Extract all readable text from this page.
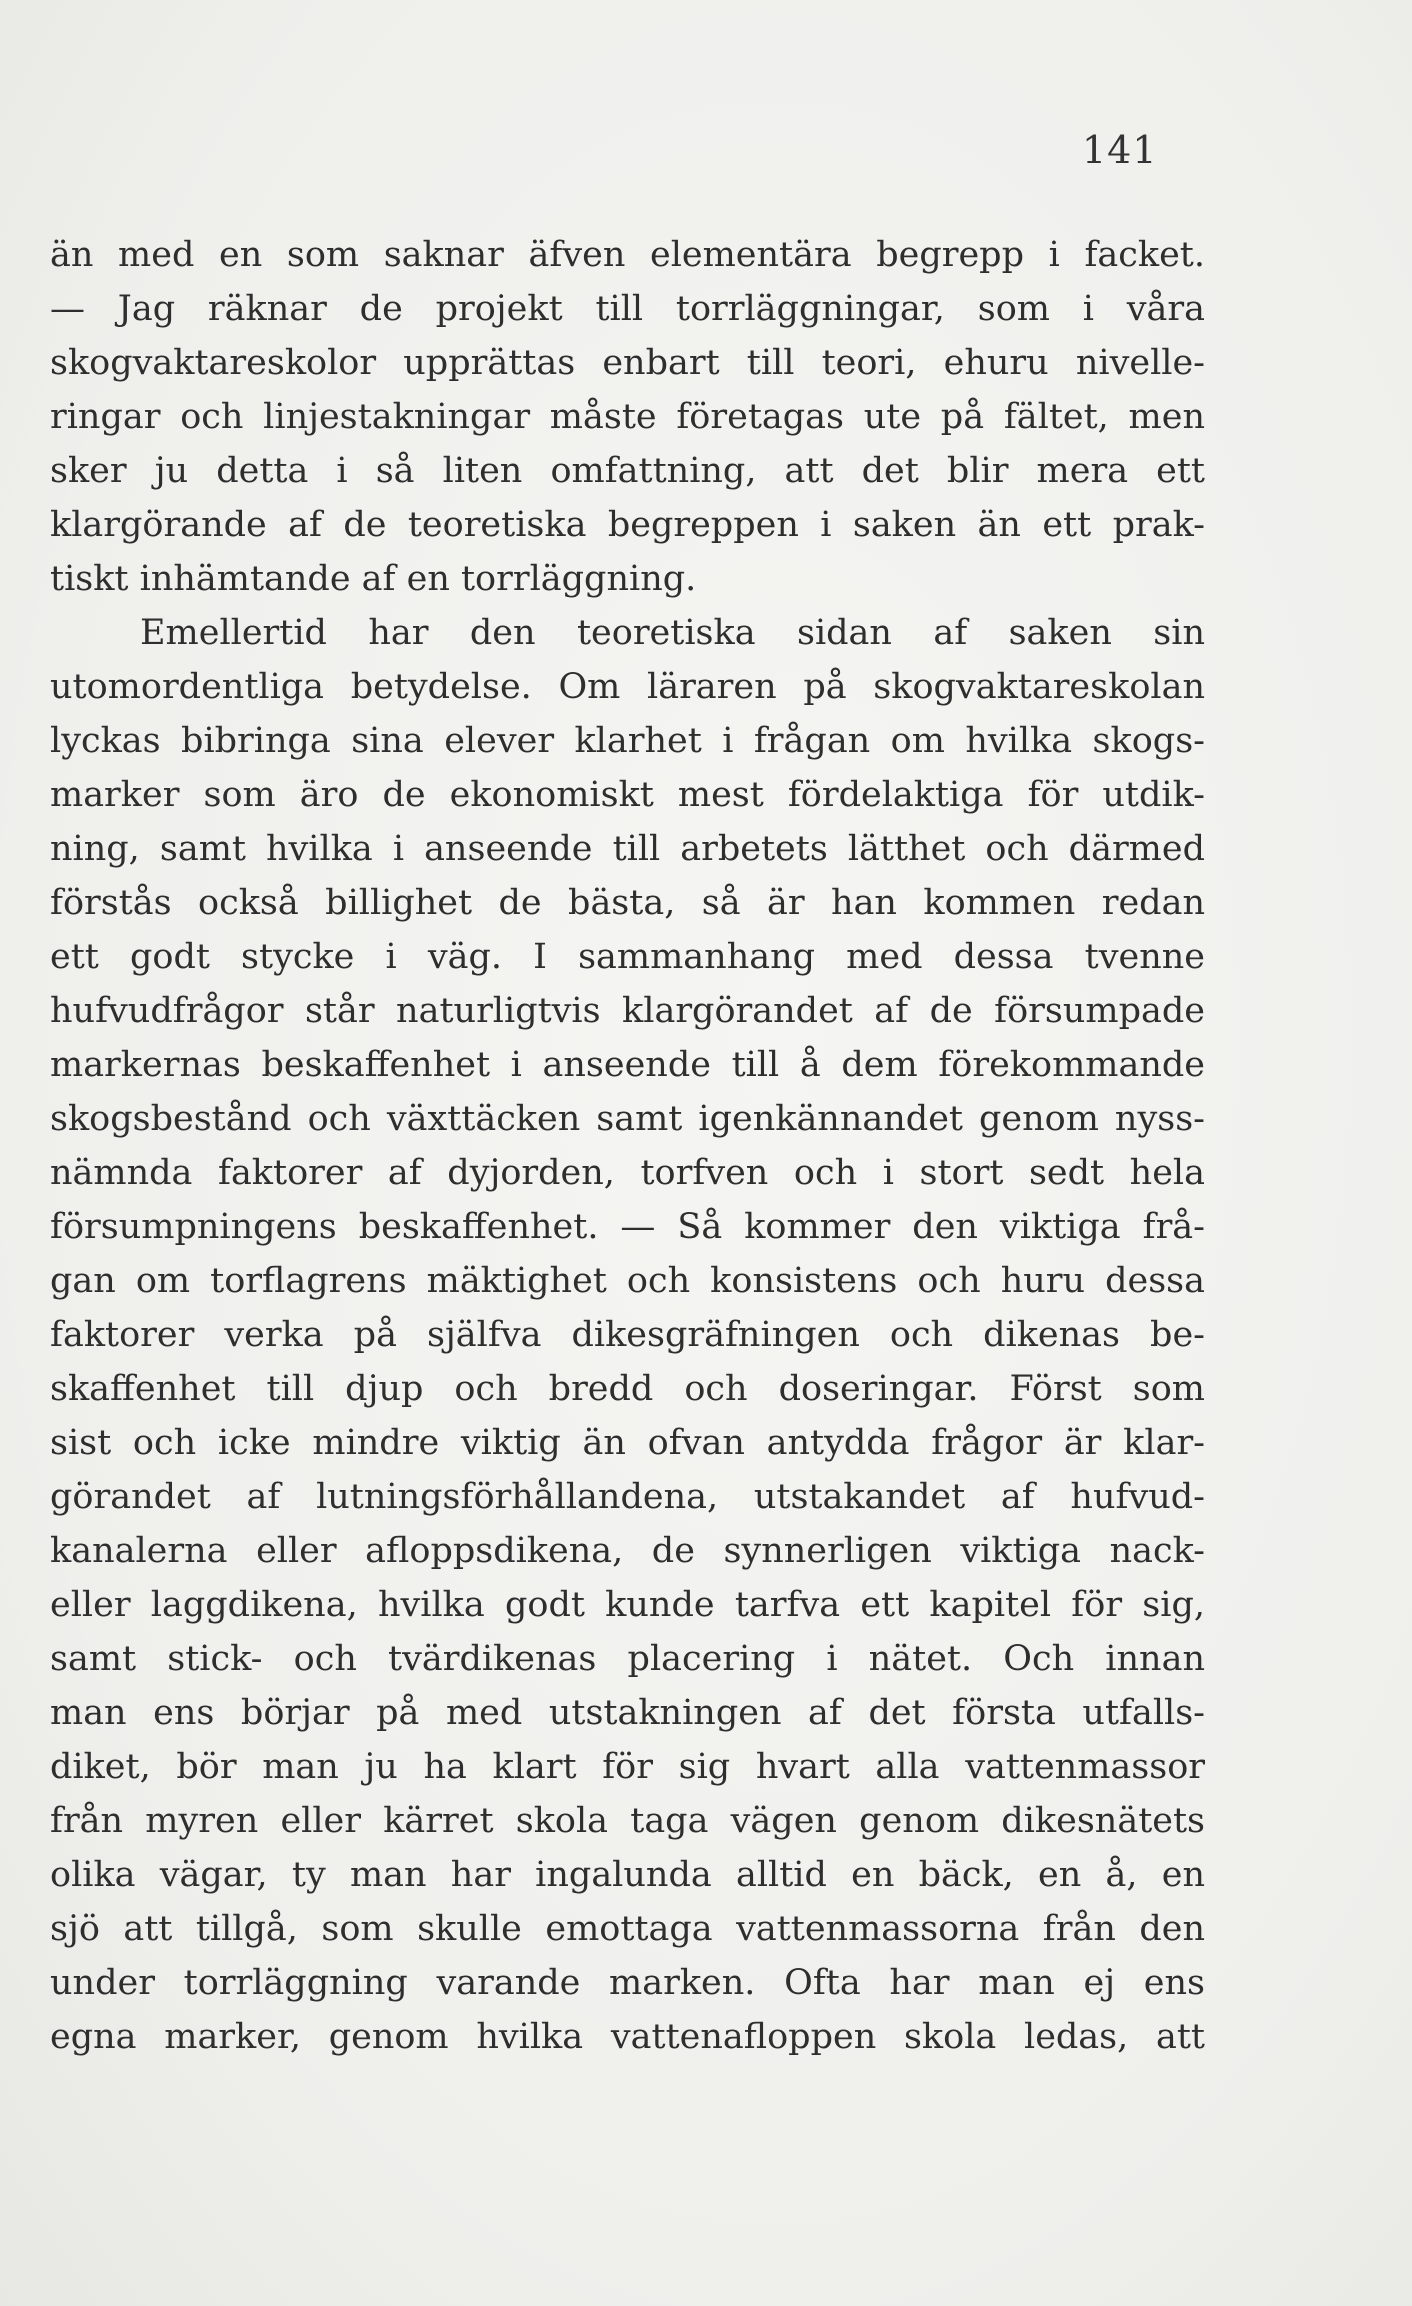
141
än med en som saknar äfven elementära begrepp i facket.
— Jag räknar de projekt till torrläggningar, som i våra
skogvaktareskolor upprättas enbart till teori, ehuru nivelle-
ringar och linjestakningar måste företagas ute på fältet, men
sker ju detta i så liten omfattning, att det blir mera ett
klargörande af de teoretiska begreppen i saken än ett prak-
tiskt inhämtande af en torrläggning.
Emellertid har den teoretiska sidan af saken sin
utomordentliga betydelse. Om läraren på skogvaktareskolan
lyckas bibringa sina elever klarhet i frågan om hvilka skogs-
marker som äro de ekonomiskt mest fördelaktiga för utdik-
ning, samt hvilka i anseende till arbetets lätthet och därmed
förstås också billighet de bästa, så är han kommen redan
ett godt stycke i väg. I sammanhang med dessa tvenne
hufvudfrågor står naturligtvis klargörandet af de försumpade
markernas beskaffenhet i anseende till å dem förekommande
skogsbestånd och växttäcken samt igenkännandet genom nyss-
nämnda faktorer af dyjorden, torfven och i stort sedt hela
försumpningens beskaffenhet. — Så kommer den viktiga frå-
gan om torflagrens mäktighet och konsistens och huru dessa
faktorer verka på själfva dikesgräfningen och dikenas be-
skaffenhet till djup och bredd och doseringar. Först som
sist och icke mindre viktig än ofvan antydda frågor är klar-
görandet af lutningsförhållandena, utstakandet af hufvud-
kanalerna eller afloppsdikena, de synnerligen viktiga nack-
eller laggdikena, hvilka godt kunde tarfva ett kapitel för sig,
samt stick- och tvärdikenas placering i nätet. Och innan
man ens börjar på med utstakningen af det första utfalls-
diket, bör man ju ha klart för sig hvart alla vattenmassor
från myren eller kärret skola taga vägen genom dikesnätets
olika vägar, ty man har ingalunda alltid en bäck, en å, en
sjö att tillgå, som skulle emottaga vattenmassorna från den
under torrläggning varande marken. Ofta har man ej ens
egna marker, genom hvilka vattenafloppen skola ledas, att
